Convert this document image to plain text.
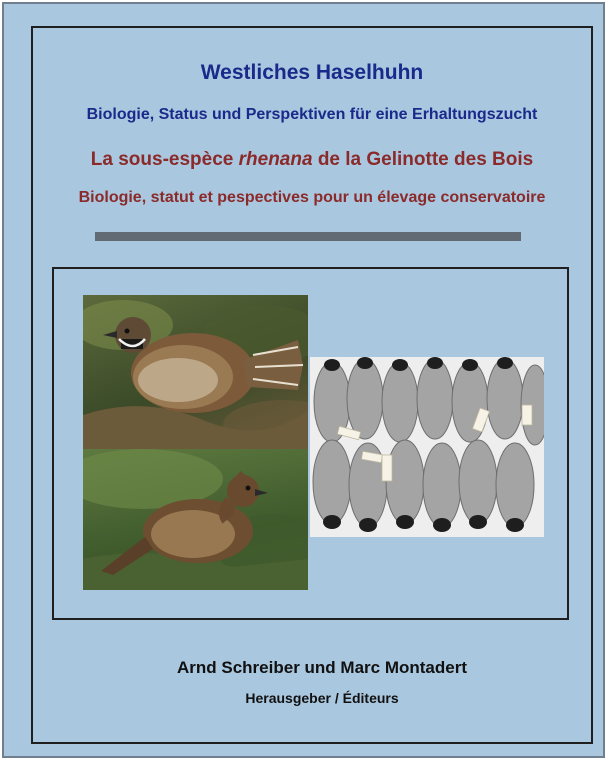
Westliches Haselhuhn
Biologie, Status und Perspektiven für eine Erhaltungszucht
La sous-espèce rhenana de la Gelinotte des Bois
Biologie, statut et pespectives pour un élevage conservatoire
Arnd Schreiber und Marc Montadert
Herausgeber / Éditeurs
